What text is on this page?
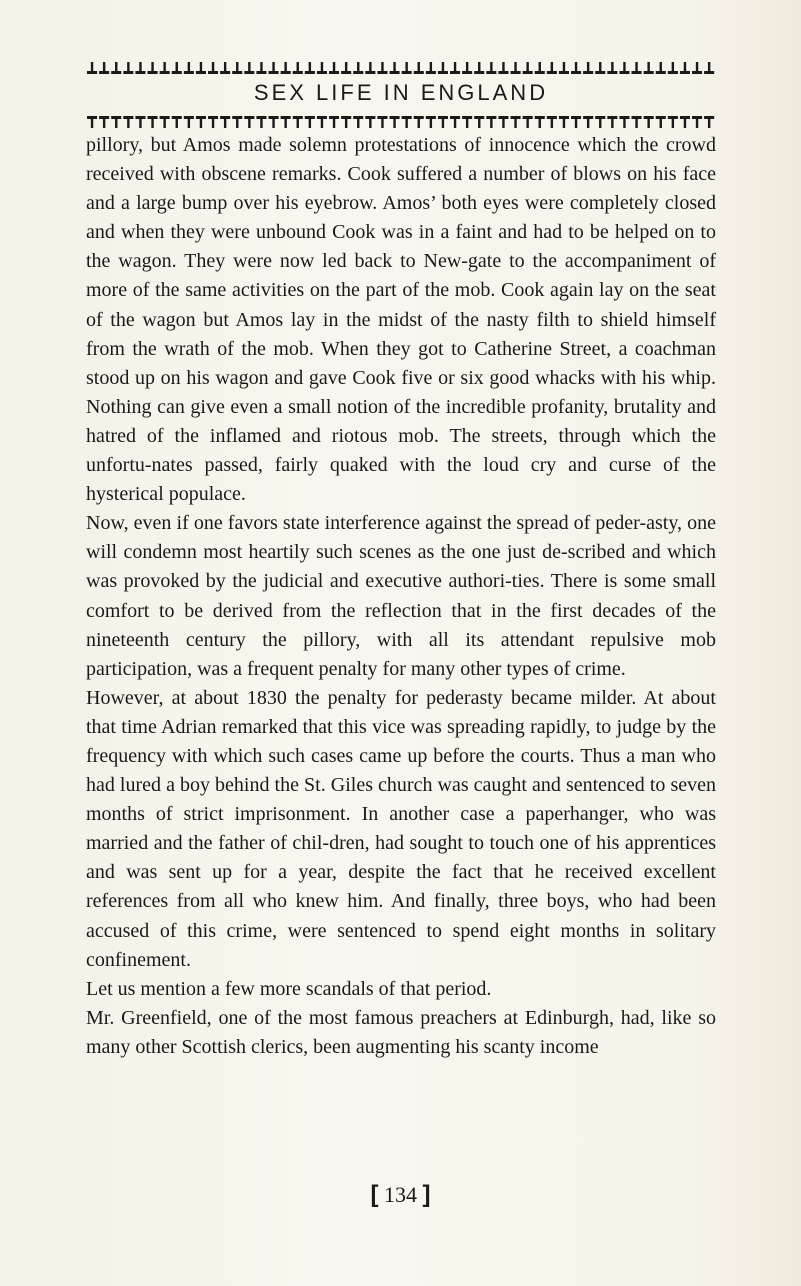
SEX LIFE IN ENGLAND

pillory, but Amos made solemn protestations of innocence which the crowd received with obscene remarks. Cook suffered a number of blows on his face and a large bump over his eyebrow. Amos’ both eyes were completely closed and when they were unbound Cook was in a faint and had to be helped on to the wagon. They were now led back to New-gate to the accompaniment of more of the same activities on the part of the mob. Cook again lay on the seat of the wagon but Amos lay in the midst of the nasty filth to shield himself from the wrath of the mob. When they got to Catherine Street, a coachman stood up on his wagon and gave Cook five or six good whacks with his whip. Nothing can give even a small notion of the incredible profanity, brutality and hatred of the inflamed and riotous mob. The streets, through which the unfortu-nates passed, fairly quaked with the loud cry and curse of the hysterical populace.

Now, even if one favors state interference against the spread of peder-asty, one will condemn most heartily such scenes as the one just de-scribed and which was provoked by the judicial and executive authori-ties. There is some small comfort to be derived from the reflection that in the first decades of the nineteenth century the pillory, with all its attendant repulsive mob participation, was a frequent penalty for many other types of crime.

However, at about 1830 the penalty for pederasty became milder. At about that time Adrian remarked that this vice was spreading rapidly, to judge by the frequency with which such cases came up before the courts. Thus a man who had lured a boy behind the St. Giles church was caught and sentenced to seven months of strict imprisonment. In another case a paperhanger, who was married and the father of chil-dren, had sought to touch one of his apprentices and was sent up for a year, despite the fact that he received excellent references from all who knew him. And finally, three boys, who had been accused of this crime, were sentenced to spend eight months in solitary confinement.

Let us mention a few more scandals of that period.

Mr. Greenfield, one of the most famous preachers at Edinburgh, had, like so many other Scottish clerics, been augmenting his scanty income

[ 134 ]
